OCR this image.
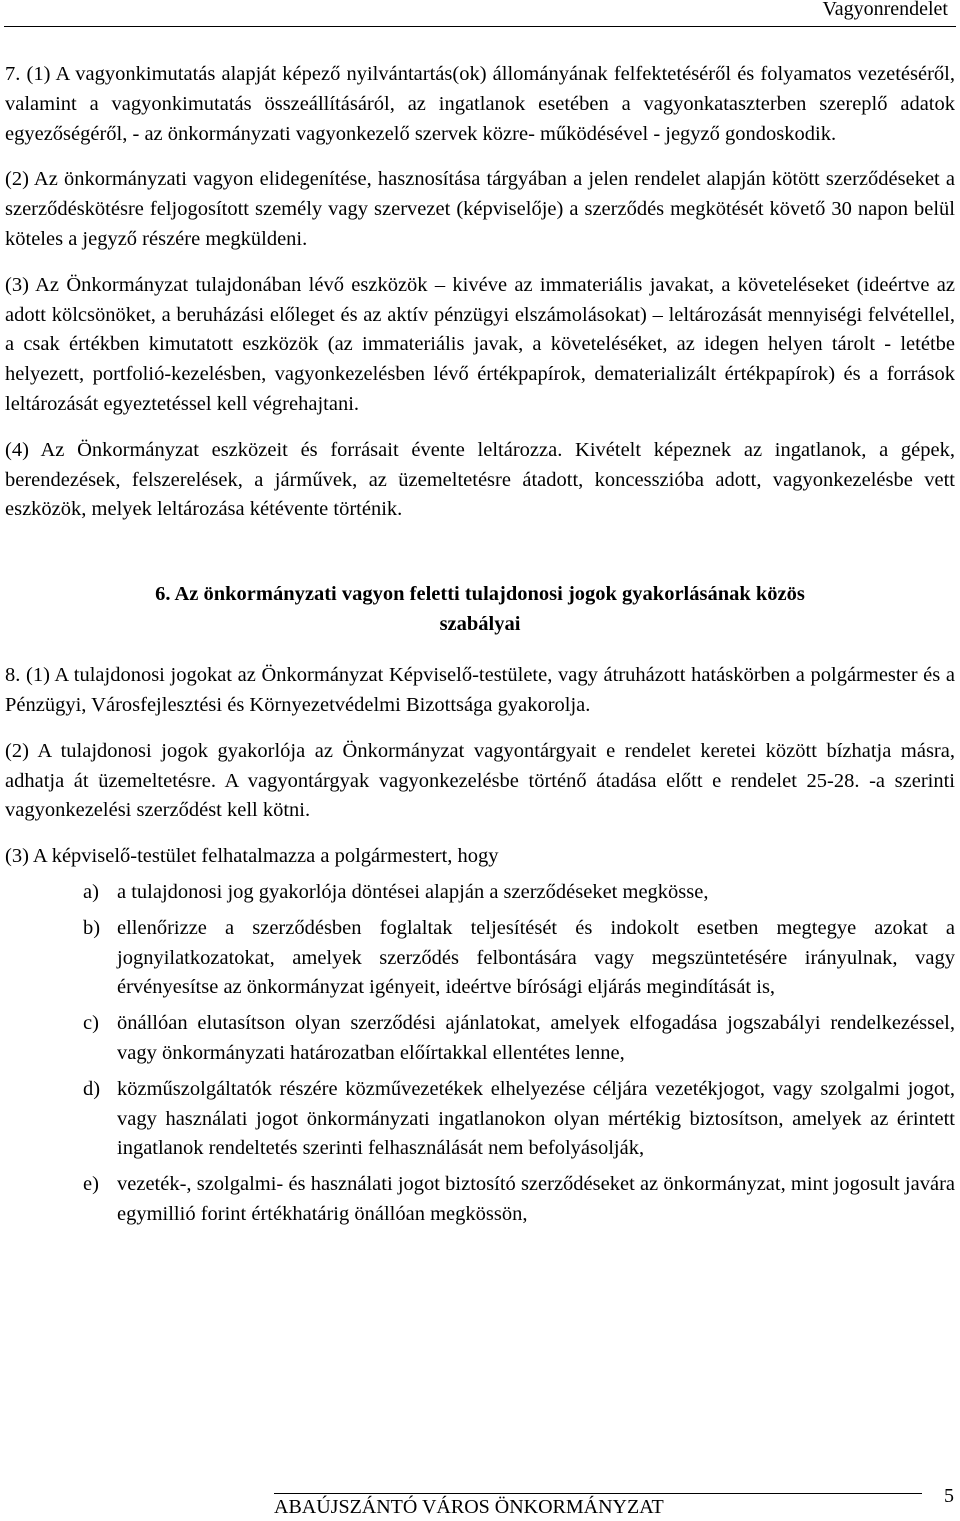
Vagyonrendelet

7. (1) A vagyonkimutatás alapját képező nyilvántartás(ok) állományának felfektetéséről és folyamatos vezetéséről, valamint a vagyonkimutatás összeállításáról, az ingatlanok esetében a vagyonkataszterben szereplő adatok egyezőségéről, - az önkormányzati vagyonkezelő szervek közre- működésével - jegyző gondoskodik.

(2) Az önkormányzati vagyon elidegenítése, hasznosítása tárgyában a jelen rendelet alapján kötött szerződéseket a szerződéskötésre feljogosított személy vagy szervezet (képviselője) a szerződés megkötését követő 30 napon belül köteles a jegyző részére megküldeni.

(3) Az Önkormányzat tulajdonában lévő eszközök – kivéve az immateriális javakat, a követeléseket (ideértve az adott kölcsönöket, a beruházási előleget és az aktív pénzügyi elszámolásokat) – leltározását mennyiségi felvétellel, a csak értékben kimutatott eszközök (az immateriális javak, a követeléséket, az idegen helyen tárolt - letétbe helyezett, portfolió-kezelésben, vagyonkezelésben lévő értékpapírok, dematerializált értékpapírok) és a források leltározását egyeztetéssel kell végrehajtani.

(4) Az Önkormányzat eszközeit és forrásait évente leltározza. Kivételt képeznek az ingatlanok, a gépek, berendezések, felszerelések, a járművek, az üzemeltetésre átadott, koncesszióba adott, vagyonkezelésbe vett eszközök, melyek leltározása kétévente történik.

6. Az önkormányzati vagyon feletti tulajdonosi jogok gyakorlásának közös szabályai

8. (1) A tulajdonosi jogokat az Önkormányzat Képviselő-testülete, vagy átruházott hatáskörben a polgármester és a Pénzügyi, Városfejlesztési és Környezetvédelmi Bizottsága gyakorolja.

(2) A tulajdonosi jogok gyakorlója az Önkormányzat vagyontárgyait e rendelet keretei között bízhatja másra, adhatja át üzemeltetésre. A vagyontárgyak vagyonkezelésbe történő átadása előtt e rendelet 25-28. -a szerinti vagyonkezelési szerződést kell kötni.

(3) A képviselő-testület felhatalmazza a polgármestert, hogy

a) a tulajdonosi jog gyakorlója döntései alapján a szerződéseket megkösse,
b) ellenőrizze a szerződésben foglaltak teljesítését és indokolt esetben megtegye azokat a jognyilatkozatokat, amelyek szerződés felbontására vagy megszüntetésére irányulnak, vagy érvényesítse az önkormányzat igényeit, ideértve bírósági eljárás megindítását is,
c) önállóan elutasítson olyan szerződési ajánlatokat, amelyek elfogadása jogszabályi rendelkezéssel, vagy önkormányzati határozatban előírtakkal ellentétes lenne,
d) közműszolgáltatók részére közművezetékek elhelyezése céljára vezetékjogot, vagy szolgalmi jogot, vagy használati jogot önkormányzati ingatlanokon olyan mértékig biztosítson, amelyek az érintett ingatlanok rendeltetés szerinti felhasználását nem befolyásolják,
e) vezeték-, szolgalmi- és használati jogot biztosító szerződéseket az önkormányzat, mint jogosult javára egymillió forint értékhatárig önállóan megkössön,
ABAÚJSZÁNTÓ VÁROS ÖNKORMÁNYZAT	5
